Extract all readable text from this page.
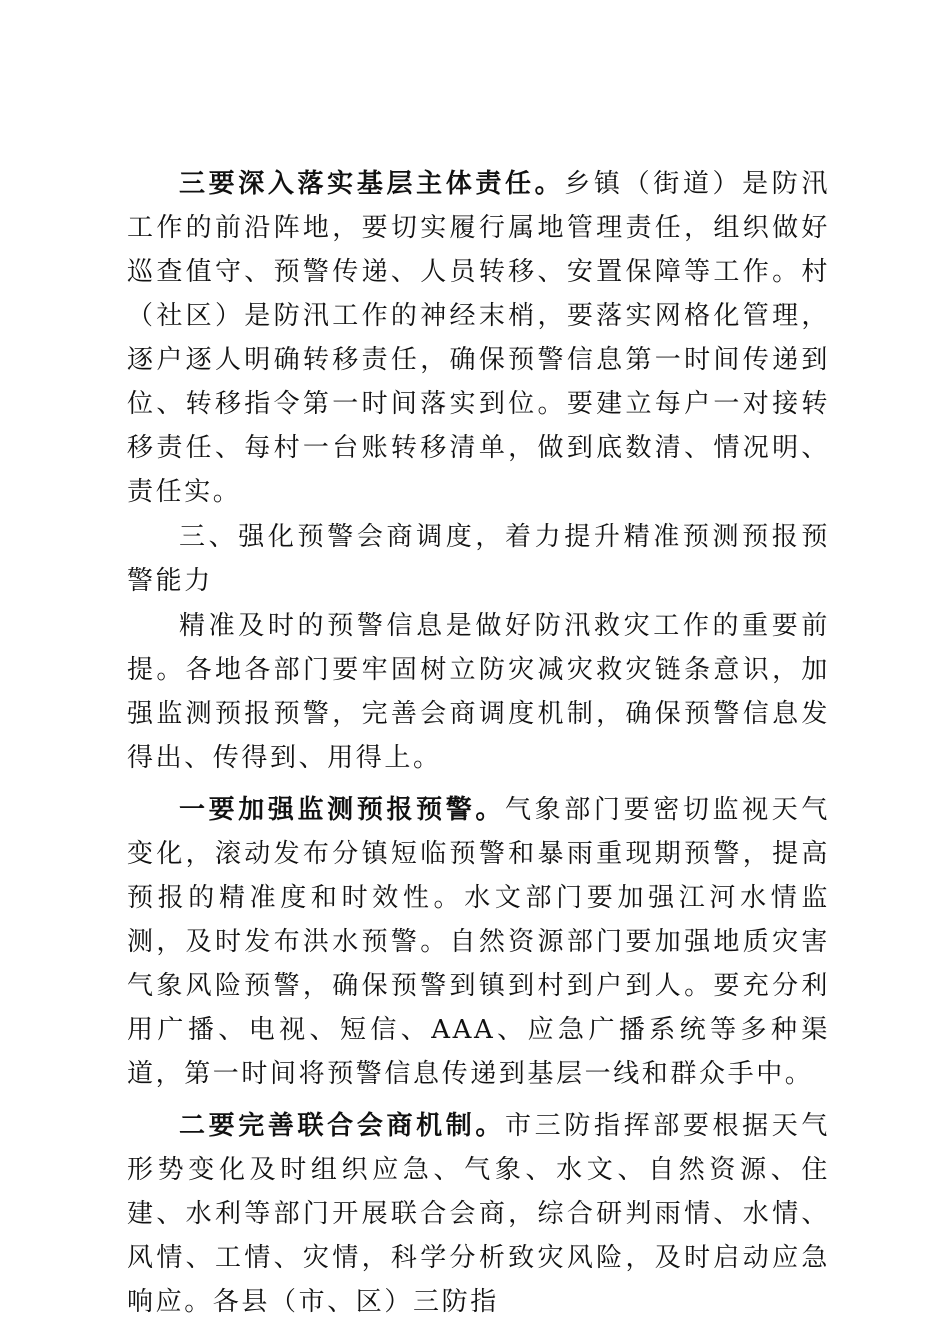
三要深入落实基层主体责任。乡镇（街道）是防汛工作的前沿阵地，要切实履行属地管理责任，组织做好巡查值守、预警传递、人员转移、安置保障等工作。村（社区）是防汛工作的神经末梢，要落实网格化管理，逐户逐人明确转移责任，确保预警信息第一时间传递到位、转移指令第一时间落实到位。要建立每户一对接转移责任、每村一台账转移清单，做到底数清、情况明、责任实。

三、强化预警会商调度，着力提升精准预测预报预警能力

精准及时的预警信息是做好防汛救灾工作的重要前提。各地各部门要牢固树立防灾减灾救灾链条意识，加强监测预报预警，完善会商调度机制，确保预警信息发得出、传得到、用得上。

一要加强监测预报预警。气象部门要密切监视天气变化，滚动发布分镇短临预警和暴雨重现期预警，提高预报的精准度和时效性。水文部门要加强江河水情监测，及时发布洪水预警。自然资源部门要加强地质灾害气象风险预警，确保预警到镇到村到户到人。要充分利用广播、电视、短信、AAA、应急广播系统等多种渠道，第一时间将预警信息传递到基层一线和群众手中。

二要完善联合会商机制。市三防指挥部要根据天气形势变化及时组织应急、气象、水文、自然资源、住建、水利等部门开展联合会商，综合研判雨情、水情、风情、工情、灾情，科学分析致灾风险，及时启动应急响应。各县（市、区）三防指
